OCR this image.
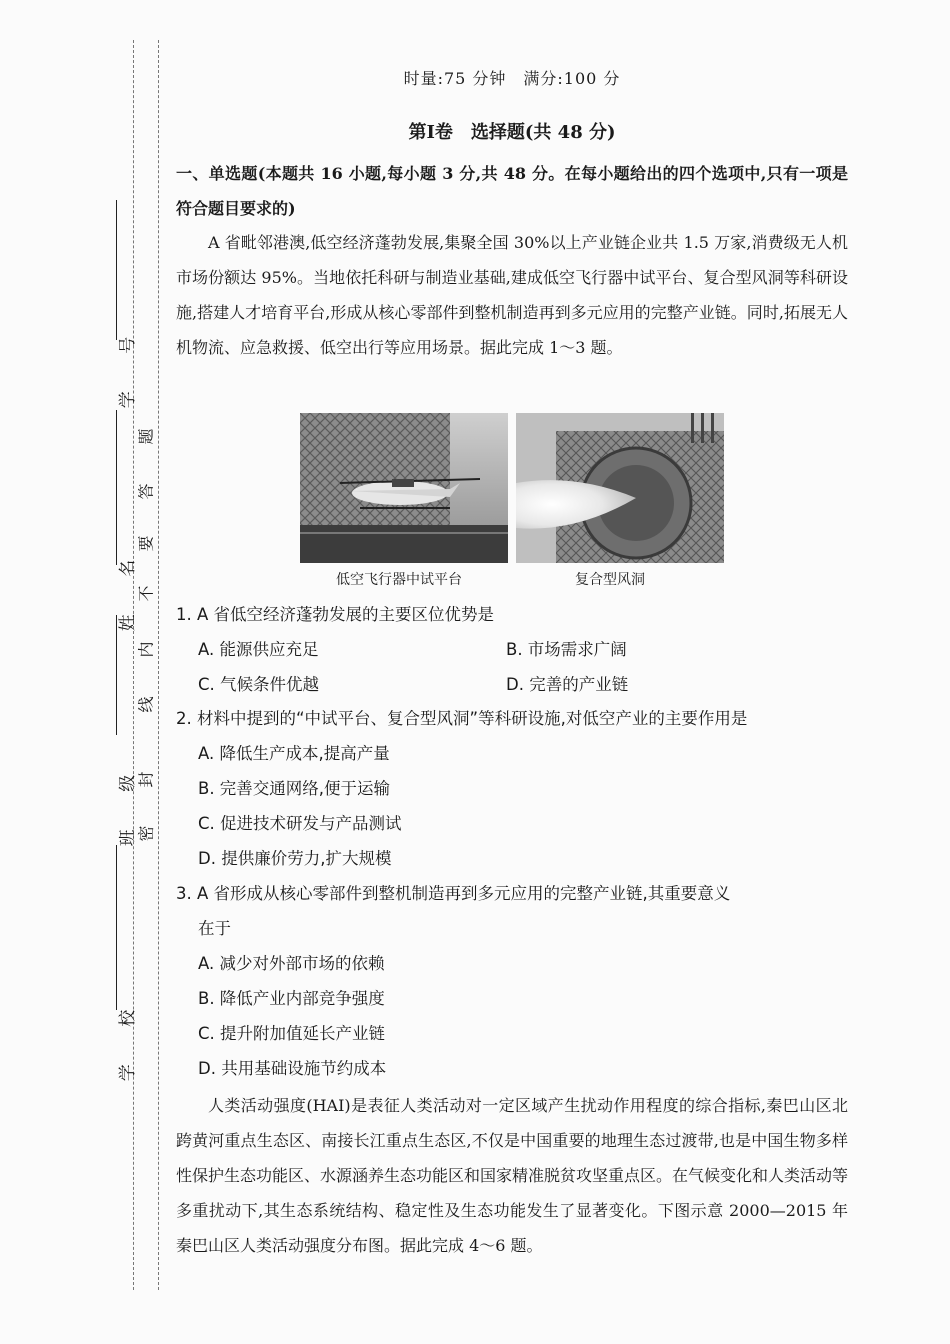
学 号
姓 名
班 级
学 校
密
封
线
内
不
要
答
题
时量:75 分钟　满分:100 分
第Ⅰ卷　选择题(共 48 分)
一、单选题(本题共 16 小题,每小题 3 分,共 48 分。在每小题给出的四个选项中,只有一项是符合题目要求的)
A 省毗邻港澳,低空经济蓬勃发展,集聚全国 30%以上产业链企业共 1.5 万家,消费级无人机市场份额达 95%。当地依托科研与制造业基础,建成低空飞行器中试平台、复合型风洞等科研设施,搭建人才培育平台,形成从核心零部件到整机制造再到多元应用的完整产业链。同时,拓展无人机物流、应急救援、低空出行等应用场景。据此完成 1～3 题。
1. A 省低空经济蓬勃发展的主要区位优势是
A. 能源供应充足	B. 市场需求广阔
C. 气候条件优越	D. 完善的产业链
2. 材料中提到的“中试平台、复合型风洞”等科研设施,对低空产业的主要作用是
A. 降低生产成本,提高产量
B. 完善交通网络,便于运输
C. 促进技术研发与产品测试
D. 提供廉价劳力,扩大规模
3. A 省形成从核心零部件到整机制造再到多元应用的完整产业链,其重要意义
在于
A. 减少对外部市场的依赖
B. 降低产业内部竞争强度
C. 提升附加值延长产业链
D. 共用基础设施节约成本
人类活动强度(HAI)是表征人类活动对一定区域产生扰动作用程度的综合指标,秦巴山区北跨黄河重点生态区、南接长江重点生态区,不仅是中国重要的地理生态过渡带,也是中国生物多样性保护生态功能区、水源涵养生态功能区和国家精准脱贫攻坚重点区。在气候变化和人类活动等多重扰动下,其生态系统结构、稳定性及生态功能发生了显著变化。下图示意 2000—2015 年秦巴山区人类活动强度分布图。据此完成 4～6 题。
低空飞行器中试平台	复合型风洞
